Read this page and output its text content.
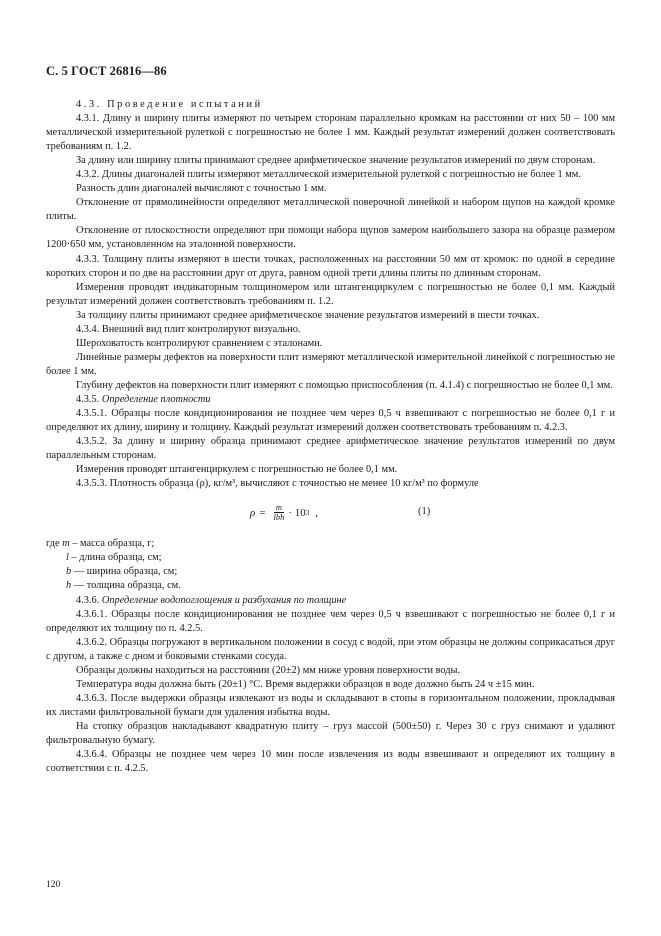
С. 5 ГОСТ 26816—86

4.3. Проведение испытаний

4.3.1. Длину и ширину плиты измеряют по четырем сторонам параллельно кромкам на расстоянии от них 50 – 100 мм металлической измерительной рулеткой с погрешностью не более 1 мм. Каждый результат измерений должен соответствовать требованиям п. 1.2.

За длину или ширину плиты принимают среднее арифметическое значение результатов измерений по двум сторонам.

4.3.2. Длины диагоналей плиты измеряют металлической измерительной рулеткой с погрешностью не более 1 мм.

Разность длин диагоналей вычисляют с точностью 1 мм.

Отклонение от прямолинейности определяют металлической поверочной линейкой и набором щупов на каждой кромке плиты.

Отклонение от плоскостности определяют при помощи набора щупов замером наибольшего зазора на образце размером 1200·650 мм, установленном на эталонной поверхности.

4.3.3. Толщину плиты измеряют в шести точках, расположенных на расстоянии 50 мм от кромок: по одной в середине коротких сторон и по две на расстоянии друг от друга, равном одной трети длины плиты по длинным сторонам.

Измерения проводят индикаторным толщиномером или штангенциркулем с погрешностью не более 0,1 мм. Каждый результат измерений должен соответствовать требованиям п. 1.2.

За толщину плиты принимают среднее арифметическое значение результатов измерений в шести точках.

4.3.4. Внешний вид плит контролируют визуально.

Шероховатость контролируют сравнением с эталонами.

Линейные размеры дефектов на поверхности плит измеряют металлической измерительной линейкой с погрешностью не более 1 мм.

Глубину дефектов на поверхности плит измеряют с помощью приспособления (п. 4.1.4) с погрешностью не более 0,1 мм.

4.3.5. Определение плотности

4.3.5.1. Образцы после кондиционирования не позднее чем через 0,5 ч взвешивают с погрешностью не более 0,1 г и определяют их длину, ширину и толщину. Каждый результат измерений должен соответствовать требованиям п. 4.2.3.

4.3.5.2. За длину и ширину образца принимают среднее арифметическое значение результатов измерений по двум параллельным сторонам.

Измерения проводят штангенциркулем с погрешностью не более 0,1 мм.

4.3.5.3. Плотность образца (ρ), кг/м³, вычисляют с точностью не менее 10 кг/м³ по формуле

$\rho = \frac{m}{\text{lbh}} \cdot 10$ 3 ,	(1)

где m – масса образца, г;

l – длина образца, см;

b — ширина образца, см;

h — толщина образца, см.

4.3.6. Определение водопоглощения и разбухания по толщине

4.3.6.1. Образцы после кондиционирования не позднее чем через 0,5 ч взвешивают с погрешностью не более 0,1 г и определяют их толщину по п. 4.2.5.

4.3.6.2. Образцы погружают в вертикальном положении в сосуд с водой, при этом образцы не должны соприкасаться друг с другом, а также с дном и боковыми стенками сосуда.

Образцы должны находиться на расстоянии (20±2) мм ниже уровня поверхности воды.

Температура воды должна быть (20±1) °С. Время выдержки образцов в воде должно быть 24 ч ±15 мин.

4.3.6.3. После выдержки образцы извлекают из воды и складывают в стопы в горизонтальном положении, прокладывая их листами фильтровальной бумаги для удаления избытка воды.

На стопку образцов накладывают квадратную плиту – груз массой (500±50) г. Через 30 с груз снимают и удаляют фильтровальную бумагу.

4.3.6.4. Образцы не позднее чем через 10 мин после извлечения из воды взвешивают и определяют их толщину в соответствии с п. 4.2.5.

120
